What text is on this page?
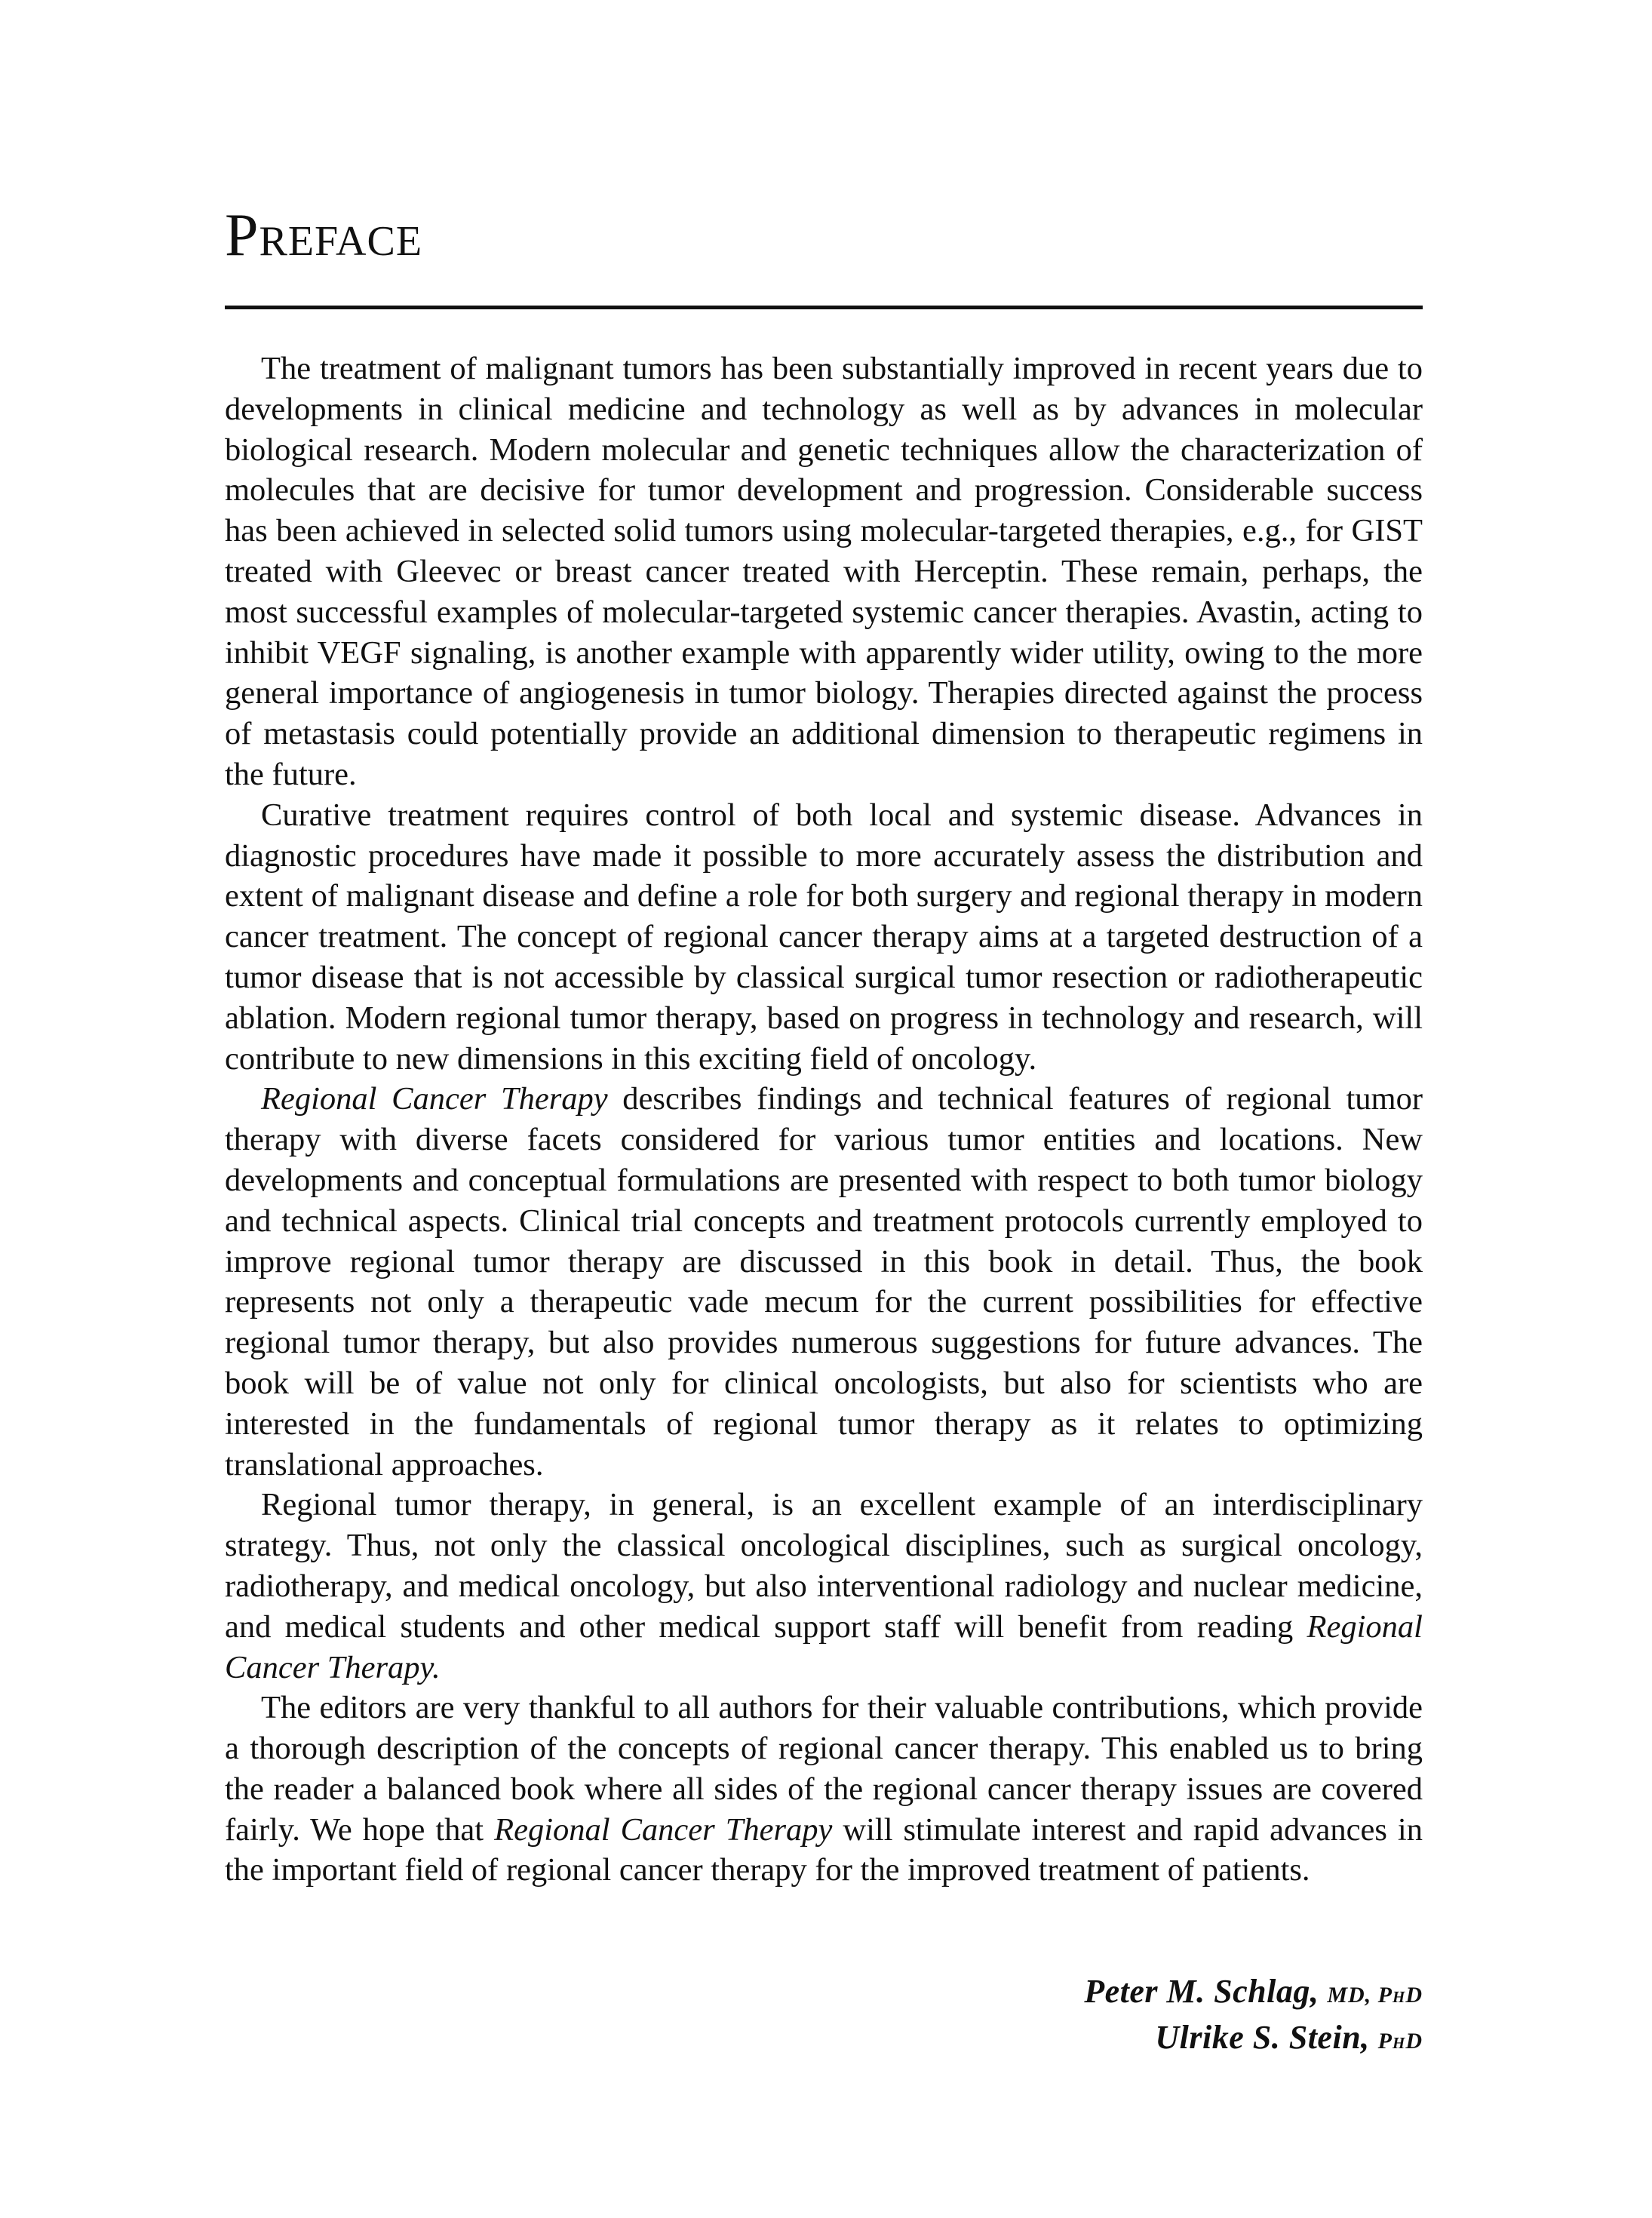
Preface

The treatment of malignant tumors has been substantially improved in recent years due to developments in clinical medicine and technology as well as by advances in molecular biological research. Modern molecular and genetic techniques allow the characterization of molecules that are decisive for tumor development and progression. Considerable success has been achieved in selected solid tumors using molecular-targeted therapies, e.g., for GIST treated with Gleevec or breast cancer treated with Herceptin. These remain, perhaps, the most successful examples of molecular-targeted systemic cancer therapies. Avastin, acting to inhibit VEGF signaling, is another example with apparently wider utility, owing to the more general importance of angiogenesis in tumor biology. Therapies directed against the process of metastasis could potentially provide an additional dimension to therapeutic regimens in the future.

Curative treatment requires control of both local and systemic disease. Advances in diagnostic procedures have made it possible to more accurately assess the distribution and extent of malignant disease and define a role for both surgery and regional therapy in modern cancer treatment. The concept of regional cancer therapy aims at a targeted destruction of a tumor disease that is not accessible by classical surgical tumor resection or radiotherapeutic ablation. Modern regional tumor therapy, based on progress in technology and research, will contribute to new dimensions in this exciting field of oncology.

Regional Cancer Therapy describes findings and technical features of regional tumor therapy with diverse facets considered for various tumor entities and locations. New developments and conceptual formulations are presented with respect to both tumor biology and technical aspects. Clinical trial concepts and treatment protocols currently employed to improve regional tumor therapy are discussed in this book in detail. Thus, the book represents not only a therapeutic vade mecum for the current possibilities for effective regional tumor therapy, but also provides numerous suggestions for future advances. The book will be of value not only for clinical oncologists, but also for scientists who are interested in the fundamentals of regional tumor therapy as it relates to optimizing translational approaches.

Regional tumor therapy, in general, is an excellent example of an interdisciplinary strategy. Thus, not only the classical oncological disciplines, such as surgical oncology, radiotherapy, and medical oncology, but also interventional radiology and nuclear medicine, and medical students and other medical support staff will benefit from reading Regional Cancer Therapy.

The editors are very thankful to all authors for their valuable contributions, which provide a thorough description of the concepts of regional cancer therapy. This enabled us to bring the reader a balanced book where all sides of the regional cancer therapy issues are covered fairly. We hope that Regional Cancer Therapy will stimulate interest and rapid advances in the important field of regional cancer therapy for the improved treatment of patients.

Peter M. Schlag, MD, PhD
Ulrike S. Stein, PhD
